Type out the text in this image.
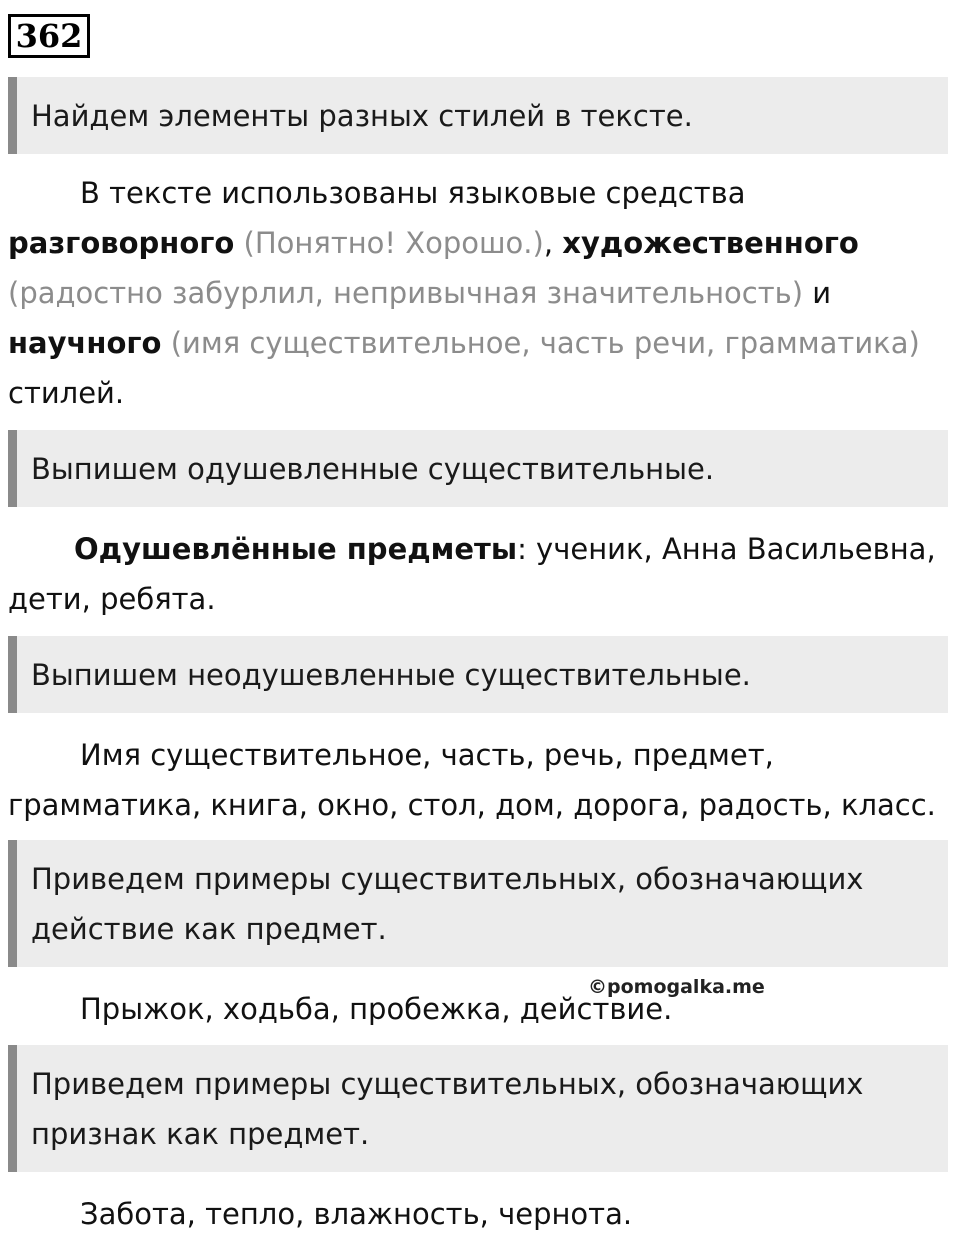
362
Найдем элементы разных стилей в тексте.
В тексте использованы языковые средства
разговорного (Понятно! Хорошо.), художественного
(радостно забурлил, непривычная значительность) и
научного (имя существительное, часть речи, грамматика)
стилей.
Выпишем одушевленные существительные.
Одушевлённые предметы: ученик, Анна Васильевна,
дети, ребята.
Выпишем неодушевленные существительные.
Имя существительное, часть, речь, предмет,
грамматика, книга, окно, стол, дом, дорога, радость, класс.
Приведем примеры существительных, обозначающих
действие как предмет.
Прыжок, ходьба, пробежка, действие.
©pomogalka.me
Приведем примеры существительных, обозначающих
признак как предмет.
Забота, тепло, влажность, чернота.
